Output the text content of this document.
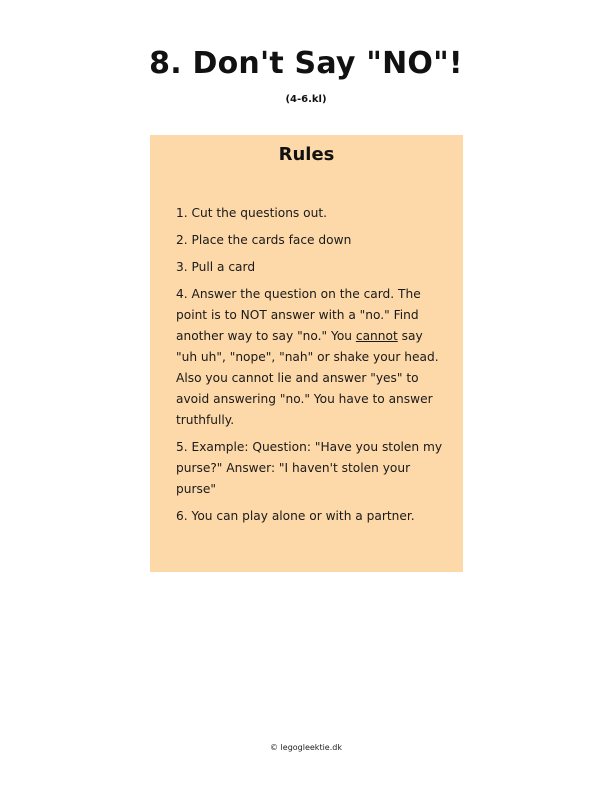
8. Don't Say "NO"!
(4-6.kl)
Rules
1. Cut the questions out.
2. Place the cards face down
3. Pull a card
4. Answer the question on the card. The point is to NOT answer with a "no." Find another way to say "no." You cannot say "uh uh", "nope", "nah" or shake your head. Also you cannot lie and answer "yes" to avoid answering "no." You have to answer truthfully.
5. Example: Question: "Have you stolen my purse?" Answer: "I haven't stolen your purse"
6. You can play alone or with a partner.
© legogleektie.dk
